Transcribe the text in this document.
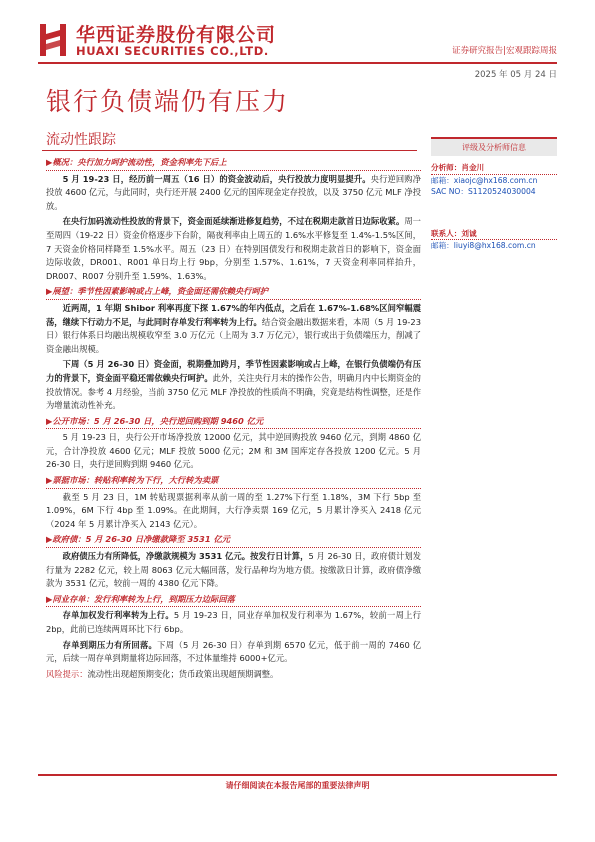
华西证券股份有限公司
HUAXI SECURITIES CO.,LTD.	证券研究报告|宏观跟踪周报
2025 年 05 月 24 日
银行负债端仍有压力
流动性跟踪	评级及分析师信息
分析师：肖金川
邮箱：xiaojc@hx168.com.cn
SAC NO：S1120524030004
联系人：刘诚
邮箱：liuyi8@hx168.com.cn
▶概况：央行加力呵护流动性，资金利率先下后上
5 月 19-23 日，经历前一周五（16 日）的资金波动后，央行投放力度明显提升。央行逆回购净投放 4600 亿元，与此同时，央行还开展 2400 亿元的国库现金定存投放，以及 3750 亿元 MLF 净投放。
在央行加码流动性投放的背景下，资金面延续渐进修复趋势，不过在税期走款首日边际收紧。周一至周四（19-22 日）资金价格逐步下台阶，隔夜利率由上周五的 1.6%水平修复至 1.4%-1.5%区间，7 天资金价格同样降至 1.5%水平。周五（23 日）在特别国债发行和税期走款首日的影响下，资金面边际收敛，DR001、R001 单日均上行 9bp，分别至 1.57%、1.61%，7 天资金利率同样抬升，DR007、R007 分别升至 1.59%、1.63%。
▶展望：季节性因素影响或占上峰，资金面还需依赖央行呵护
近两周，1 年期 Shibor 利率再度下探 1.67%的年内低点，之后在 1.67%-1.68%区间窄幅震荡，继续下行动力不足，与此同时存单发行利率转为上行。结合资金融出数据来看，本周（5 月 19-23 日）银行体系日均融出规模收窄至 3.0 万亿元（上周为 3.7 万亿元），银行或出于负债端压力，削减了资金融出规模。
下周（5 月 26-30 日）资金面，税期叠加跨月，季节性因素影响或占上峰，在银行负债端仍有压力的背景下，资金面平稳还需依赖央行呵护。此外，关注央行月末的操作公告，明确月内中长期资金的投放情况。参考 4 月经验，当前 3750 亿元 MLF 净投放的性质尚不明确，究竟是结构性调整，还是作为增量流动性补充。
▶公开市场：5 月 26-30 日，央行逆回购到期 9460 亿元
5 月 19-23 日，央行公开市场净投放 12000 亿元，其中逆回购投放 9460 亿元，到期 4860 亿元，合计净投放 4600 亿元；MLF 投放 5000 亿元；2M 和 3M 国库定存各投放 1200 亿元。5 月 26-30 日，央行逆回购到期 9460 亿元。
▶票据市场：转贴利率转为下行，大行转为卖票
截至 5 月 23 日，1M 转贴现票据利率从前一周的至 1.27%下行至 1.18%，3M 下行 5bp 至 1.09%，6M 下行 4bp 至 1.09%。在此期间，大行净卖票 169 亿元，5 月累计净买入 2418 亿元（2024 年 5 月累计净买入 2143 亿元）。
▶政府债：5 月 26-30 日净缴款降至 3531 亿元
政府债压力有所降低，净缴款规模为 3531 亿元。按发行日计算，5 月 26-30 日，政府债计划发行量为 2282 亿元，较上周 8063 亿元大幅回落，发行品种均为地方债。按缴款日计算，政府债净缴款为 3531 亿元，较前一周的 4380 亿元下降。
▶同业存单：发行利率转为上行，到期压力边际回落
存单加权发行利率转为上行。5 月 19-23 日，同业存单加权发行利率为 1.67%，较前一周上行 2bp，此前已连续两周环比下行 6bp。
存单到期压力有所回落。下周（5 月 26-30 日）存单到期 6570 亿元，低于前一周的 7460 亿元，后续一周存单到期量将边际回落，不过体量维持 6000+亿元。
风险提示：流动性出现超预期变化；货币政策出现超预期调整。
请仔细阅读在本报告尾部的重要法律声明
